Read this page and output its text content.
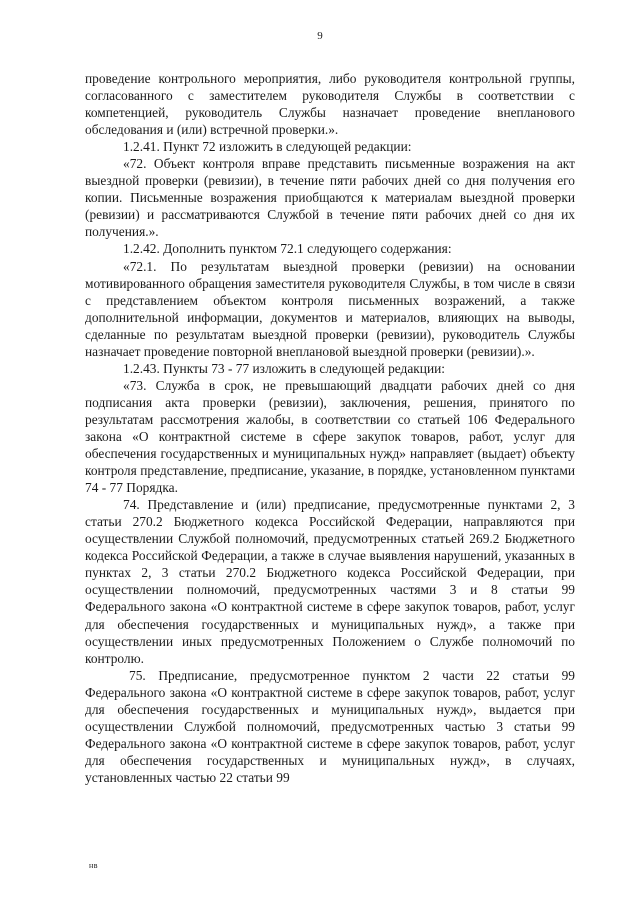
9

проведение контрольного мероприятия, либо руководителя контрольной группы, согласованного с заместителем руководителя Службы в соответствии с компетенцией, руководитель Службы назначает проведение внепланового обследования и (или) встречной проверки.».

1.2.41. Пункт 72 изложить в следующей редакции:

«72. Объект контроля вправе представить письменные возражения на акт выездной проверки (ревизии), в течение пяти рабочих дней со дня получения его копии. Письменные возражения приобщаются к материалам выездной проверки (ревизии) и рассматриваются Службой в течение пяти рабочих дней со дня их получения.».

1.2.42. Дополнить пунктом 72.1 следующего содержания:

«72.1. По результатам выездной проверки (ревизии) на основании мотивированного обращения заместителя руководителя Службы, в том числе в связи с представлением объектом контроля письменных возражений, а также дополнительной информации, документов и материалов, влияющих на выводы, сделанные по результатам выездной проверки (ревизии), руководитель Службы назначает проведение повторной внеплановой выездной проверки (ревизии).».

1.2.43. Пункты 73 - 77 изложить в следующей редакции:

«73. Служба в срок, не превышающий двадцати рабочих дней со дня подписания акта проверки (ревизии), заключения, решения, принятого по результатам рассмотрения жалобы, в соответствии со статьей 106 Федерального закона «О контрактной системе в сфере закупок товаров, работ, услуг для обеспечения государственных и муниципальных нужд» направляет (выдает) объекту контроля представление, предписание, указание, в порядке, установленном пунктами 74 - 77 Порядка.

74. Представление и (или) предписание, предусмотренные пунктами 2, 3 статьи 270.2 Бюджетного кодекса Российской Федерации, направляются при осуществлении Службой полномочий, предусмотренных статьей 269.2 Бюджетного кодекса Российской Федерации, а также в случае выявления нарушений, указанных в пунктах 2, 3 статьи 270.2 Бюджетного кодекса Российской Федерации, при осуществлении полномочий, предусмотренных частями 3 и 8 статьи 99 Федерального закона «О контрактной системе в сфере закупок товаров, работ, услуг для обеспечения государственных и муниципальных нужд», а также при осуществлении иных предусмотренных Положением о Службе полномочий по контролю.

75. Предписание, предусмотренное пунктом 2 части 22 статьи 99 Федерального закона «О контрактной системе в сфере закупок товаров, работ, услуг для обеспечения государственных и муниципальных нужд», выдается при осуществлении Службой полномочий, предусмотренных частью 3 статьи 99 Федерального закона «О контрактной системе в сфере закупок товаров, работ, услуг для обеспечения государственных и муниципальных нужд», в случаях, установленных частью 22 статьи 99

нв
